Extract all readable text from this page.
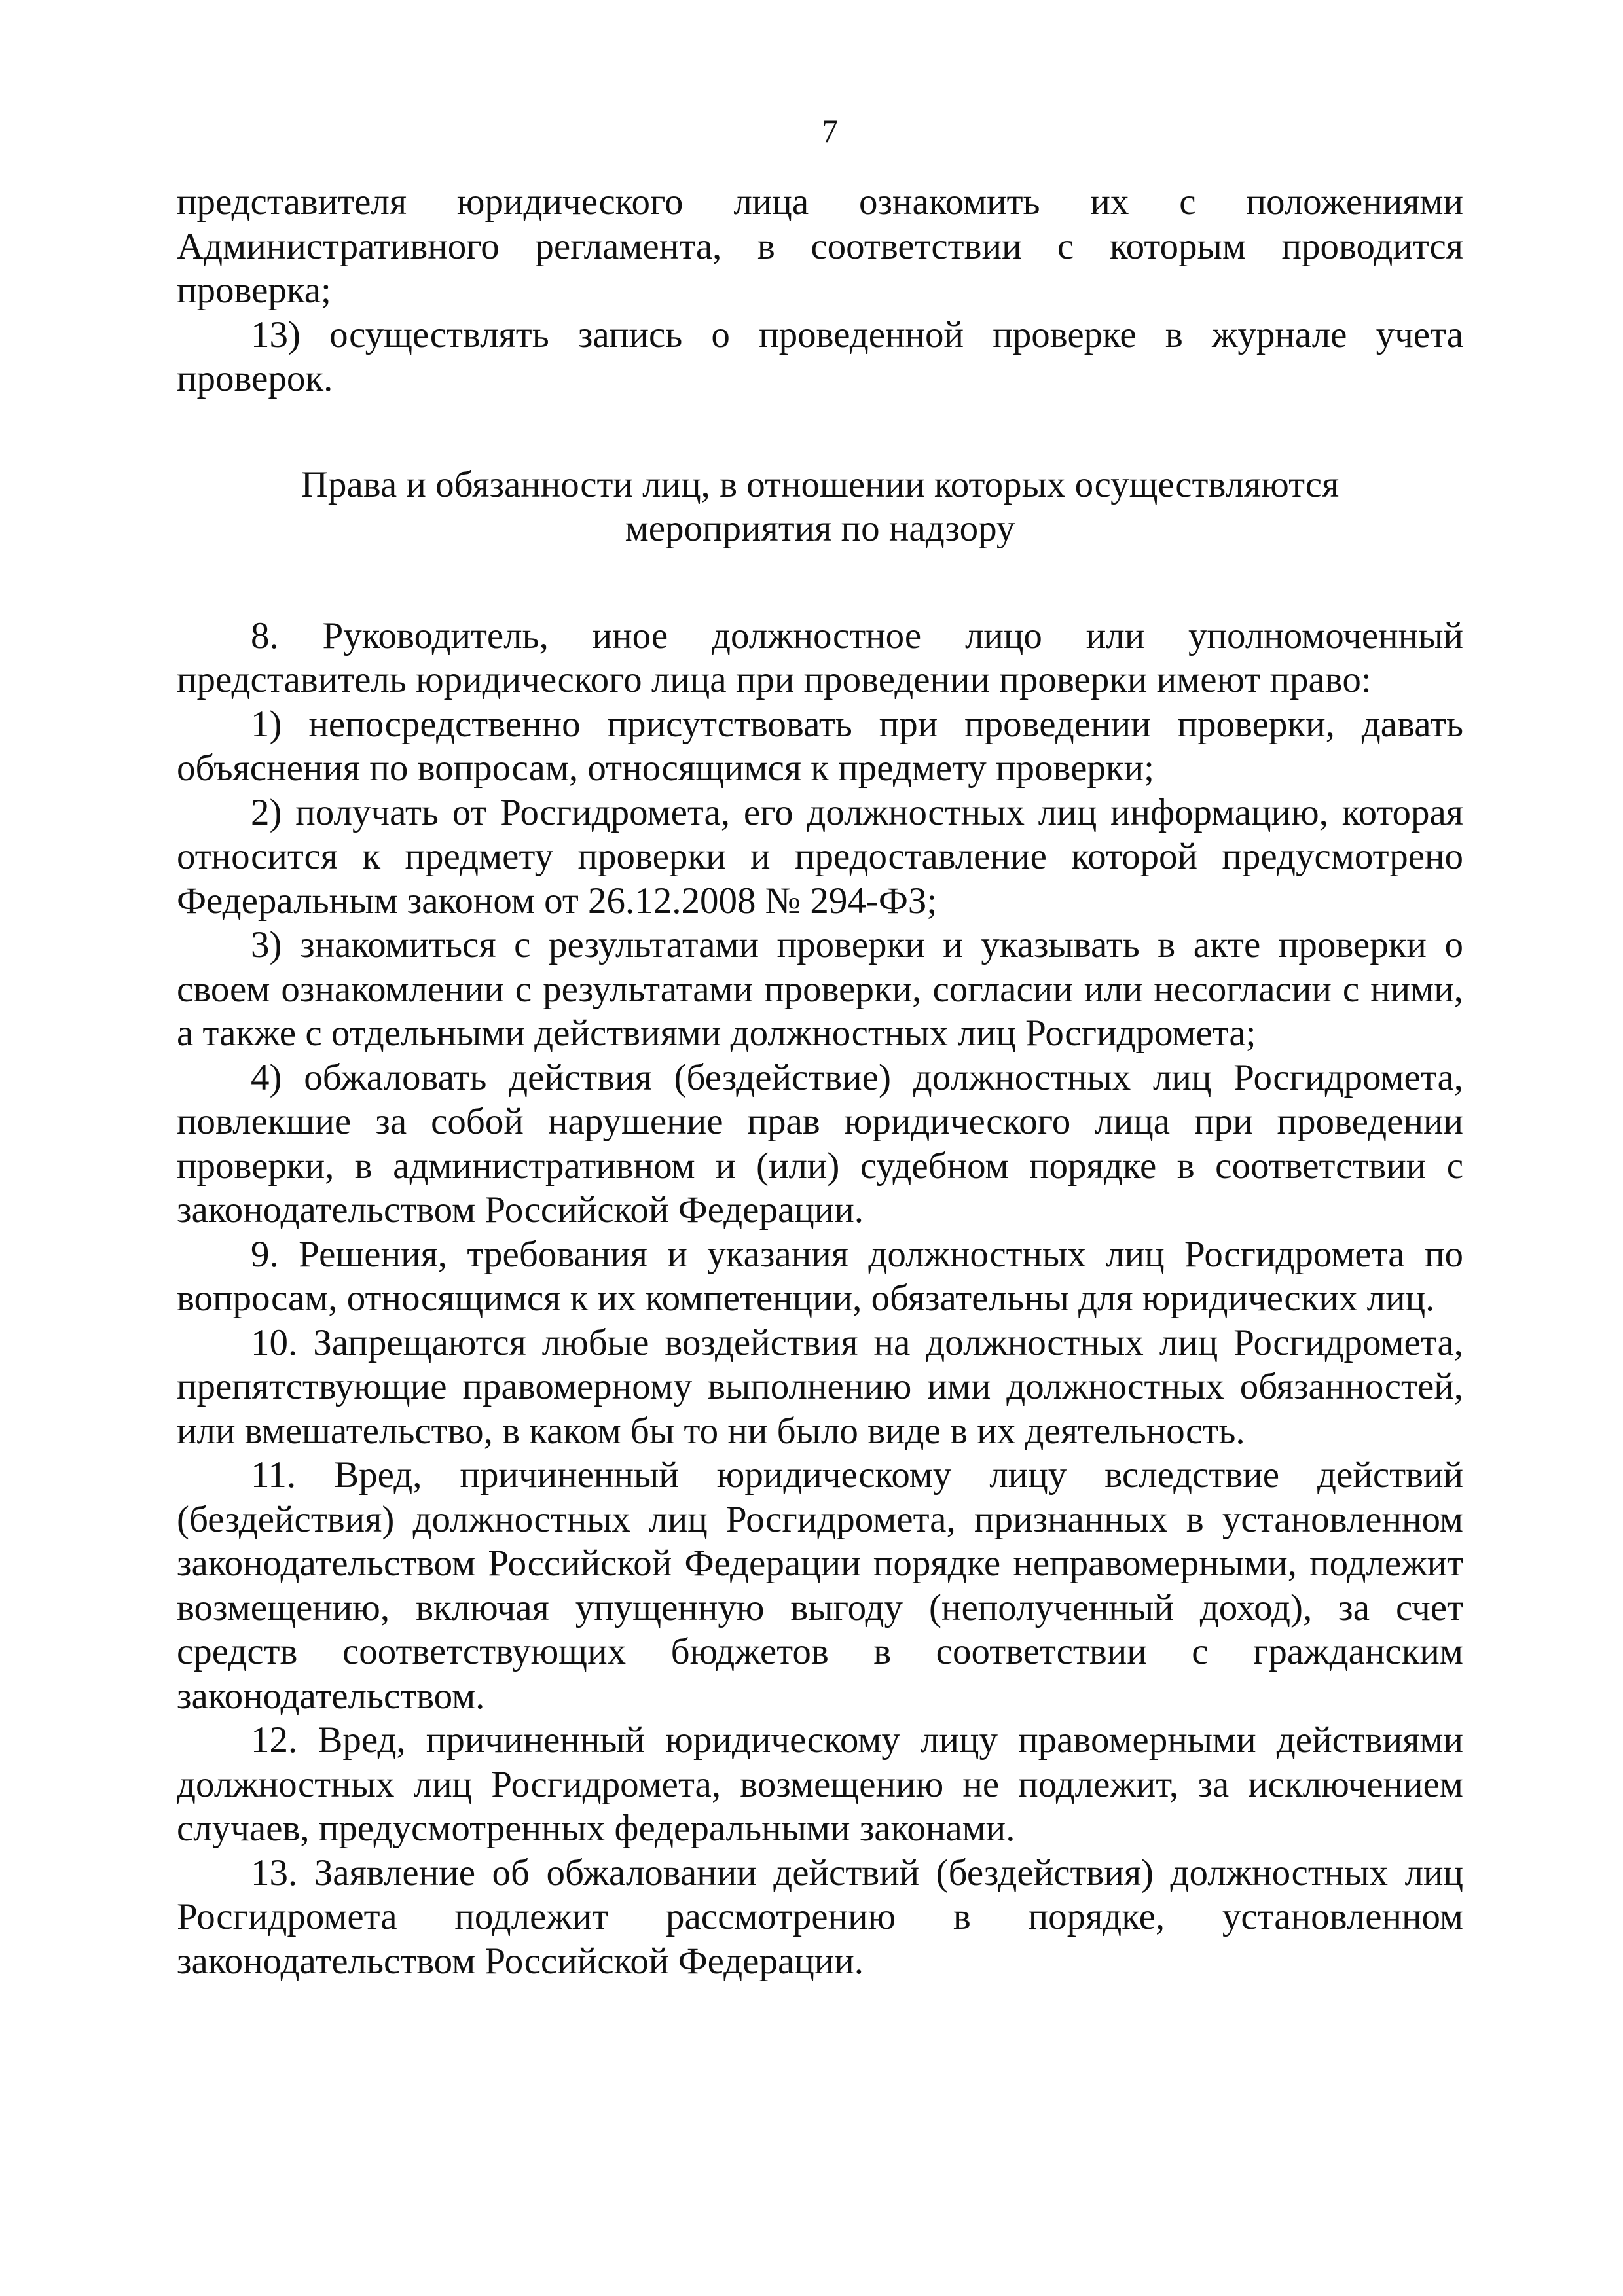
7

представителя юридического лица ознакомить их с положениями Административного регламента, в соответствии с которым проводится проверка;

13) осуществлять запись о проведенной проверке в журнале учета проверок.

Права и обязанности лиц, в отношении которых осуществляются
мероприятия по надзору

8. Руководитель, иное должностное лицо или уполномоченный представитель юридического лица при проведении проверки имеют право:

1) непосредственно присутствовать при проведении проверки, давать объяснения по вопросам, относящимся к предмету проверки;

2) получать от Росгидромета, его должностных лиц информацию, которая относится к предмету проверки и предоставление которой предусмотрено Федеральным законом от 26.12.2008 № 294-ФЗ;

3) знакомиться с результатами проверки и указывать в акте проверки о своем ознакомлении с результатами проверки, согласии или несогласии с ними, а также с отдельными действиями должностных лиц Росгидромета;

4) обжаловать действия (бездействие) должностных лиц Росгидромета, повлекшие за собой нарушение прав юридического лица при проведении проверки, в административном и (или) судебном порядке в соответствии с законодательством Российской Федерации.

9. Решения, требования и указания должностных лиц Росгидромета по вопросам, относящимся к их компетенции, обязательны для юридических лиц.

10. Запрещаются любые воздействия на должностных лиц Росгидромета, препятствующие правомерному выполнению ими должностных обязанностей, или вмешательство, в каком бы то ни было виде в их деятельность.

11. Вред, причиненный юридическому лицу вследствие действий (бездействия) должностных лиц Росгидромета, признанных в установленном законодательством Российской Федерации порядке неправомерными, подлежит возмещению, включая упущенную выгоду (неполученный доход), за счет средств соответствующих бюджетов в соответствии с гражданским законодательством.

12. Вред, причиненный юридическому лицу правомерными действиями должностных лиц Росгидромета, возмещению не подлежит, за исключением случаев, предусмотренных федеральными законами.

13. Заявление об обжаловании действий (бездействия) должностных лиц Росгидромета подлежит рассмотрению в порядке, установленном законодательством Российской Федерации.
